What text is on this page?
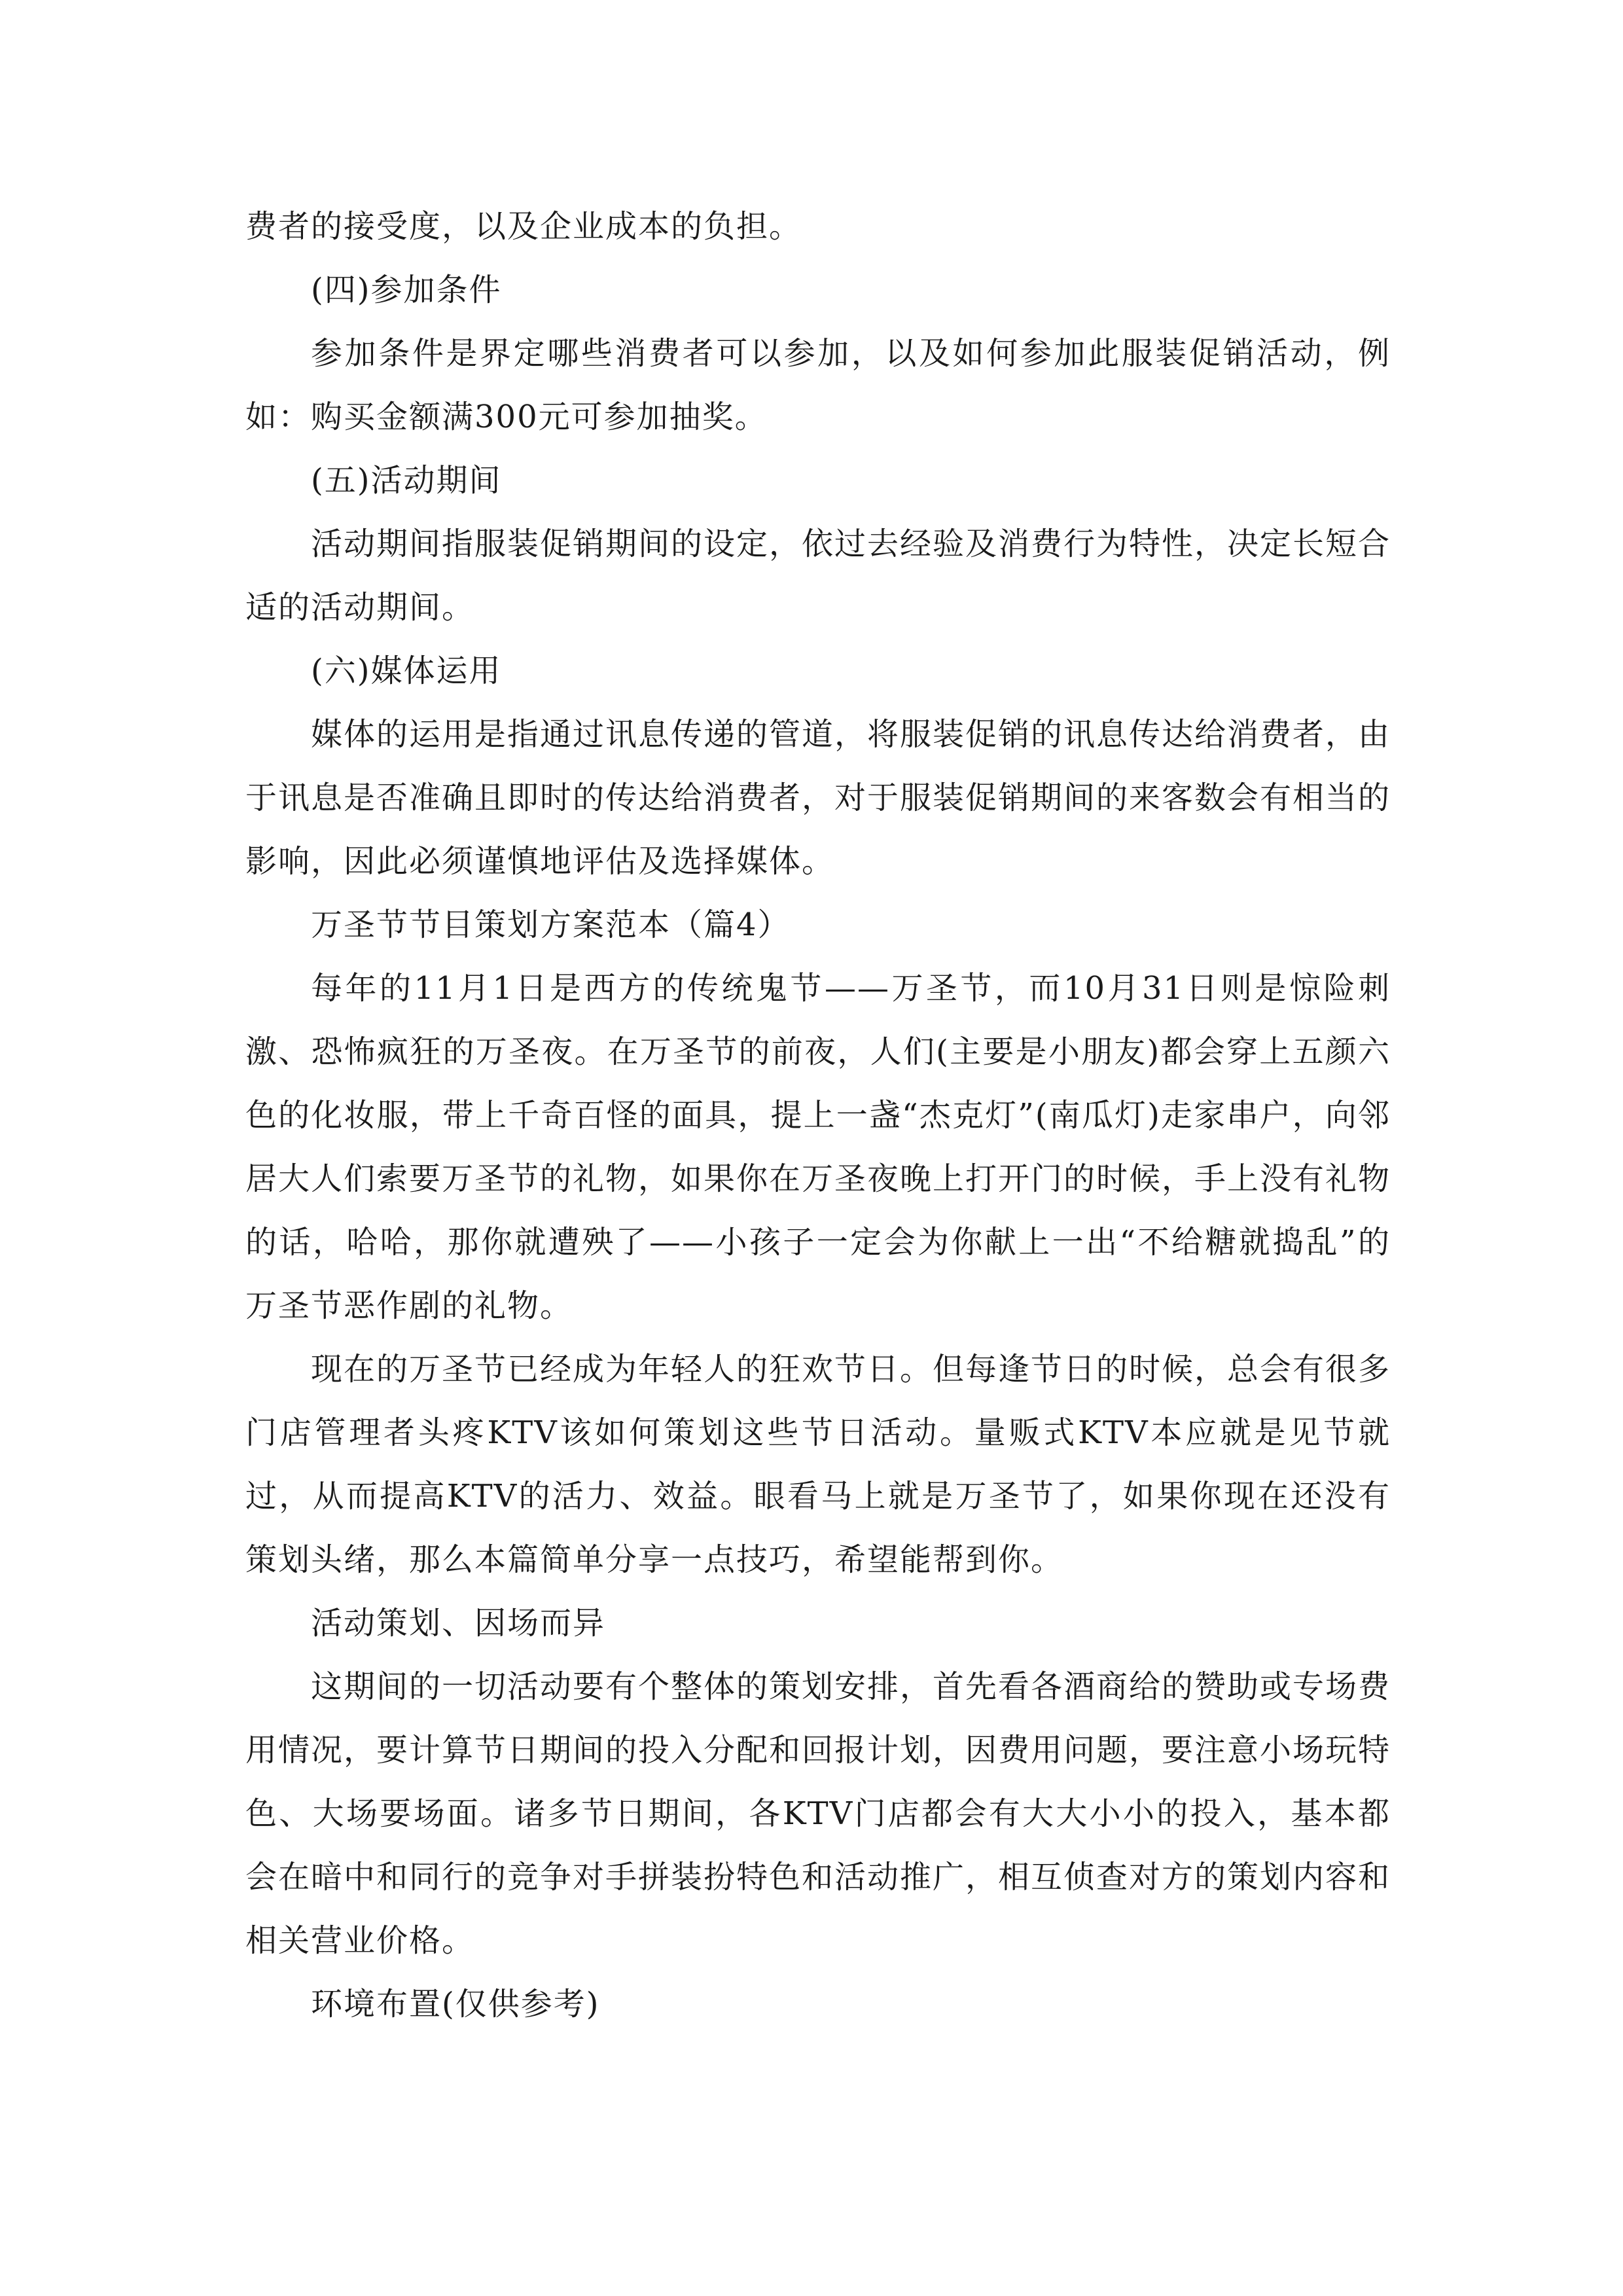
费者的接受度，以及企业成本的负担。

(四)参加条件

参加条件是界定哪些消费者可以参加，以及如何参加此服装促销活动，例如：购买金额满300元可参加抽奖。

(五)活动期间

活动期间指服装促销期间的设定，依过去经验及消费行为特性，决定长短合适的活动期间。

(六)媒体运用

媒体的运用是指通过讯息传递的管道，将服装促销的讯息传达给消费者，由于讯息是否准确且即时的传达给消费者，对于服装促销期间的来客数会有相当的影响，因此必须谨慎地评估及选择媒体。

万圣节节目策划方案范本（篇4）

每年的11月1日是西方的传统鬼节——万圣节，而10月31日则是惊险刺激、恐怖疯狂的万圣夜。在万圣节的前夜，人们(主要是小朋友)都会穿上五颜六色的化妆服，带上千奇百怪的面具，提上一盏“杰克灯”(南瓜灯)走家串户，向邻居大人们索要万圣节的礼物，如果你在万圣夜晚上打开门的时候，手上没有礼物的话，哈哈，那你就遭殃了——小孩子一定会为你献上一出“不给糖就捣乱”的万圣节恶作剧的礼物。

现在的万圣节已经成为年轻人的狂欢节日。但每逢节日的时候，总会有很多门店管理者头疼KTV该如何策划这些节日活动。量贩式KTV本应就是见节就过，从而提高KTV的活力、效益。眼看马上就是万圣节了，如果你现在还没有策划头绪，那么本篇简单分享一点技巧，希望能帮到你。

活动策划、因场而异

这期间的一切活动要有个整体的策划安排，首先看各酒商给的赞助或专场费用情况，要计算节日期间的投入分配和回报计划，因费用问题，要注意小场玩特色、大场要场面。诸多节日期间，各KTV门店都会有大大小小的投入，基本都会在暗中和同行的竞争对手拼装扮特色和活动推广，相互侦查对方的策划内容和相关营业价格。

环境布置(仅供参考)
